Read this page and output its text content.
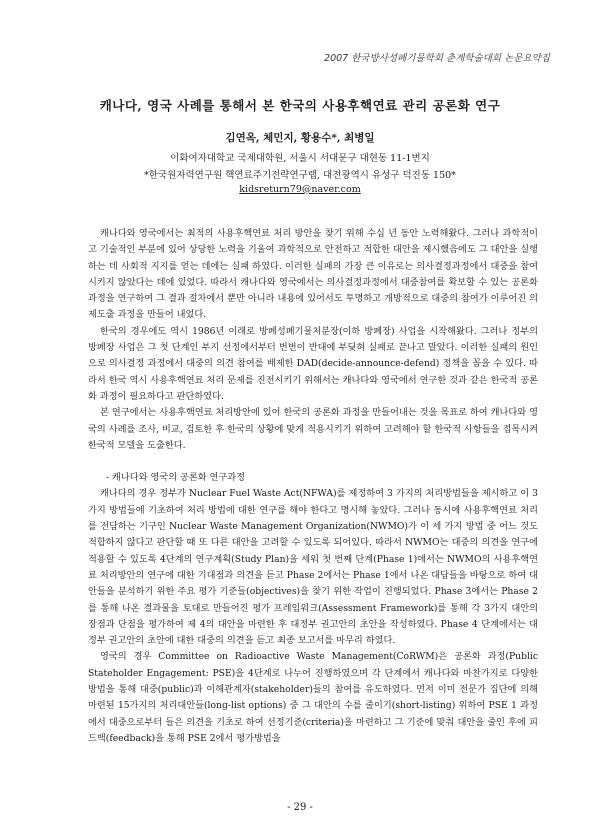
2007 한국방사성폐기물학회 춘계학술대회 논문요약집
캐나다, 영국 사례를 통해서 본 한국의 사용후핵연료 관리 공론화 연구
김연옥, 체민지, 황용수*, 최병일
이화여자대학교 국제대학원, 서울시 서대문구 대현동 11-1번지
*한국원자력연구원 핵연료주기전략연구랩, 대전광역시 유성구 덕진동 150*
kidsreturn79@naver.com

캐나다와 영국에서는 최적의 사용후핵연료 처리 방안을 찾기 위해 수십 년 동안 노력해왔다. 그러나 과학적이고 기술적인 부분에 있어 상당한 노력을 기울여 과학적으로 안전하고 적합한 대안을 제시했음에도 그 대안을 실행하는 데 사회적 지지를 얻는 데에는 실패 하였다. 이러한 실패의 가장 큰 이유로는 의사결정과정에서 대중을 참여시키지 않았다는 데에 있었다. 따라서 캐나다와 영국에서는 의사결정과정에서 대중참여를 확보할 수 있는 공론화 과정을 연구하여 그 결과 절차에서 뿐만 아니라 내용에 있어서도 투명하고 개방적으로 대중의 참여가 이루어진 의제도출 과정을 만들어 내었다.

한국의 경우에도 역시 1986년 이래로 방폐성폐기물처분장(이하 방폐장) 사업을 시작해왔다. 그러나 정부의 방폐장 사업은 그 첫 단계인 부지 선정에서부터 번번이 반대에 부딪혀 실패로 끝나고 말았다. 이러한 실패의 원인으로 의사결정 과정에서 대중의 의견 참여를 배제한 DAD(decide-announce-defend) 정책을 꼽을 수 있다. 따라서 한국 역시 사용후핵연료 처리 문제를 진전시키기 위해서는 캐나다와 영국에서 연구한 것과 같은 한국적 공론화 과정이 필요하다고 판단하였다.

본 연구에서는 사용후핵연료 처리방안에 있어 한국의 공론화 과정을 만들어내는 것을 목표로 하여 캐나다와 영국의 사례를 조사, 비교, 검토한 후 한국의 상황에 맞게 적용시키기 위하여 고려해야 할 한국적 사항들을 접목시켜 한국적 모델을 도출한다.

- 캐나다와 영국의 공론화 연구과정

캐나다의 경우 정부가 Nuclear Fuel Waste Act(NFWA)를 제정하여 3 가지의 처리방법들을 제시하고 이 3가지 방법들에 기초하여 처리 방법에 대한 연구를 해야 한다고 명시해 놓았다. 그러나 동시에 사용후핵연료 처리를 전담하는 기구인 Nuclear Waste Management Organization(NWMO)가 이 세 가지 방법 중 어느 것도 적합하지 않다고 판단할 때 또 다른 대안을 고려할 수 있도록 되어있다. 따라서 NWMO는 대중의 의견을 연구에 적용할 수 있도록 4단계의 연구계획(Study Plan)을 세워 첫 번째 단계(Phase 1)에서는 NWMO의 사용후핵연료 처리방안의 연구에 대한 기대점과 의견을 듣고 Phase 2에서는 Phase 1에서 나온 대답들을 바탕으로 하여 대안들을 분석하기 위한 주요 평가 기준들(objectives)을 찾기 위한 작업이 진행되었다. Phase 3에서는 Phase 2를 통해 나온 결과물을 토대로 만들어진 평가 프레임워크(Assessment Framework)를 통해 각 3가지 대안의 장점과 단점을 평가하여 제 4의 대안을 마련한 후 대정부 권고안의 초안을 작성하였다. Phase 4 단계에서는 대정부 권고안의 초안에 대한 대중의 의견을 듣고 최종 보고서를 마무리 하였다.

영국의 경우 Committee on Radioactive Waste Management(CoRWM)은 공론화 과정(Public Stateholder Engagement: PSE)을 4단계로 나누어 진행하였으며 각 단계에서 캐나다와 마찬가지로 다양한 방법을 통해 대중(public)과 이해관계자(stakeholder)들의 참여를 유도하였다. 먼저 이미 전문가 집단에 의해 마련된 15가지의 처리대안들(long-list options) 중 그 대안의 수를 줄이기(short-listing) 위하여 PSE 1 과정에서 대중으로부터 들은 의견을 기초로 하여 선정기준(criteria)을 마련하고 그 기준에 맞춰 대안을 줄인 후에 피드백(feedback)을 통해 PSE 2에서 평가방법을

- 29 -
